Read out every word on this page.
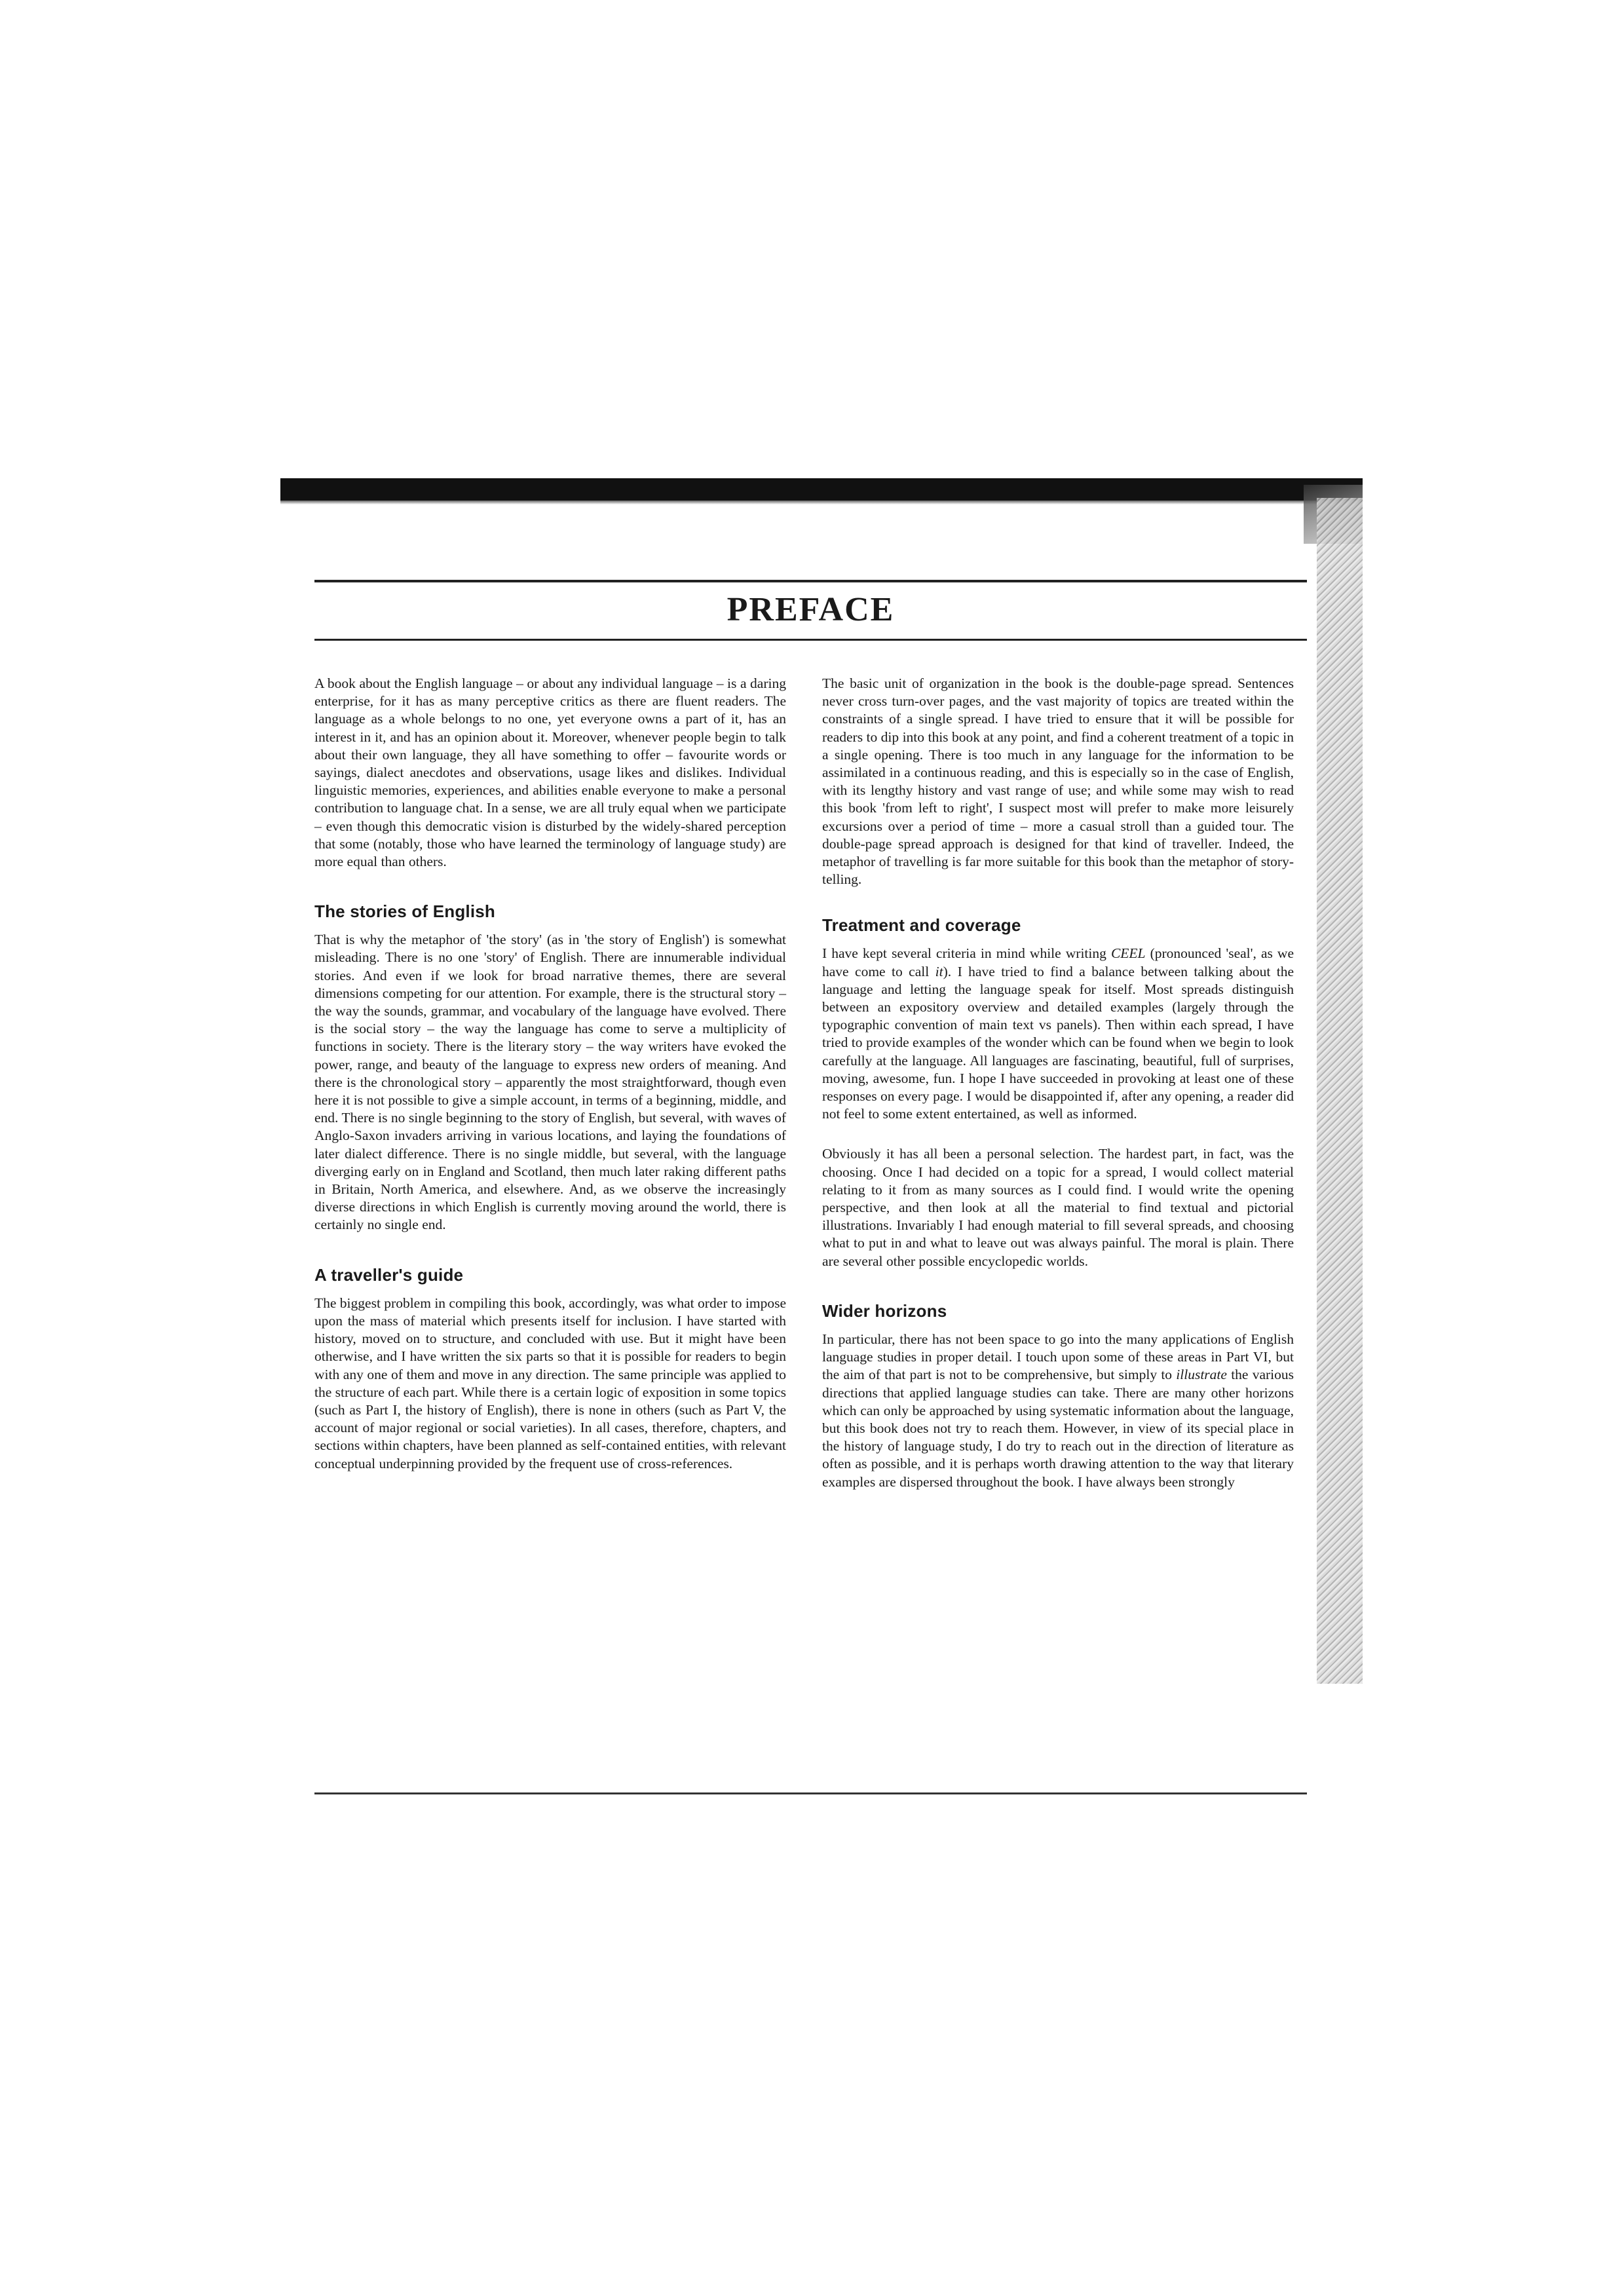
PREFACE

A book about the English language – or about any individual language – is a daring enterprise, for it has as many perceptive critics as there are fluent readers. The language as a whole belongs to no one, yet everyone owns a part of it, has an interest in it, and has an opinion about it. Moreover, whenever people begin to talk about their own language, they all have something to offer – favourite words or sayings, dialect anecdotes and observations, usage likes and dislikes. Individual linguistic memories, experiences, and abilities enable everyone to make a personal contribution to language chat. In a sense, we are all truly equal when we participate – even though this democratic vision is disturbed by the widely-shared perception that some (notably, those who have learned the terminology of language study) are more equal than others.

The stories of English

That is why the metaphor of 'the story' (as in 'the story of English') is somewhat misleading. There is no one 'story' of English. There are innumerable individual stories. And even if we look for broad narrative themes, there are several dimensions competing for our attention. For example, there is the structural story – the way the sounds, grammar, and vocabulary of the language have evolved. There is the social story – the way the language has come to serve a multiplicity of functions in society. There is the literary story – the way writers have evoked the power, range, and beauty of the language to express new orders of meaning. And there is the chronological story – apparently the most straightforward, though even here it is not possible to give a simple account, in terms of a beginning, middle, and end. There is no single beginning to the story of English, but several, with waves of Anglo-Saxon invaders arriving in various locations, and laying the foundations of later dialect difference. There is no single middle, but several, with the language diverging early on in England and Scotland, then much later raking different paths in Britain, North America, and elsewhere. And, as we observe the increasingly diverse directions in which English is currently moving around the world, there is certainly no single end.

A traveller's guide

The biggest problem in compiling this book, accordingly, was what order to impose upon the mass of material which presents itself for inclusion. I have started with history, moved on to structure, and concluded with use. But it might have been otherwise, and I have written the six parts so that it is possible for readers to begin with any one of them and move in any direction. The same principle was applied to the structure of each part. While there is a certain logic of exposition in some topics (such as Part I, the history of English), there is none in others (such as Part V, the account of major regional or social varieties). In all cases, therefore, chapters, and sections within chapters, have been planned as self-contained entities, with relevant conceptual underpinning provided by the frequent use of cross-references.

The basic unit of organization in the book is the double-page spread. Sentences never cross turn-over pages, and the vast majority of topics are treated within the constraints of a single spread. I have tried to ensure that it will be possible for readers to dip into this book at any point, and find a coherent treatment of a topic in a single opening. There is too much in any language for the information to be assimilated in a continuous reading, and this is especially so in the case of English, with its lengthy history and vast range of use; and while some may wish to read this book 'from left to right', I suspect most will prefer to make more leisurely excursions over a period of time – more a casual stroll than a guided tour. The double-page spread approach is designed for that kind of traveller. Indeed, the metaphor of travelling is far more suitable for this book than the metaphor of story-telling.

Treatment and coverage

I have kept several criteria in mind while writing CEEL (pronounced 'seal', as we have come to call it). I have tried to find a balance between talking about the language and letting the language speak for itself. Most spreads distinguish between an expository overview and detailed examples (largely through the typographic convention of main text vs panels). Then within each spread, I have tried to provide examples of the wonder which can be found when we begin to look carefully at the language. All languages are fascinating, beautiful, full of surprises, moving, awesome, fun. I hope I have succeeded in provoking at least one of these responses on every page. I would be disappointed if, after any opening, a reader did not feel to some extent entertained, as well as informed.

Obviously it has all been a personal selection. The hardest part, in fact, was the choosing. Once I had decided on a topic for a spread, I would collect material relating to it from as many sources as I could find. I would write the opening perspective, and then look at all the material to find textual and pictorial illustrations. Invariably I had enough material to fill several spreads, and choosing what to put in and what to leave out was always painful. The moral is plain. There are several other possible encyclopedic worlds.

Wider horizons

In particular, there has not been space to go into the many applications of English language studies in proper detail. I touch upon some of these areas in Part VI, but the aim of that part is not to be comprehensive, but simply to illustrate the various directions that applied language studies can take. There are many other horizons which can only be approached by using systematic information about the language, but this book does not try to reach them. However, in view of its special place in the history of language study, I do try to reach out in the direction of literature as often as possible, and it is perhaps worth drawing attention to the way that literary examples are dispersed throughout the book. I have always been strongly
